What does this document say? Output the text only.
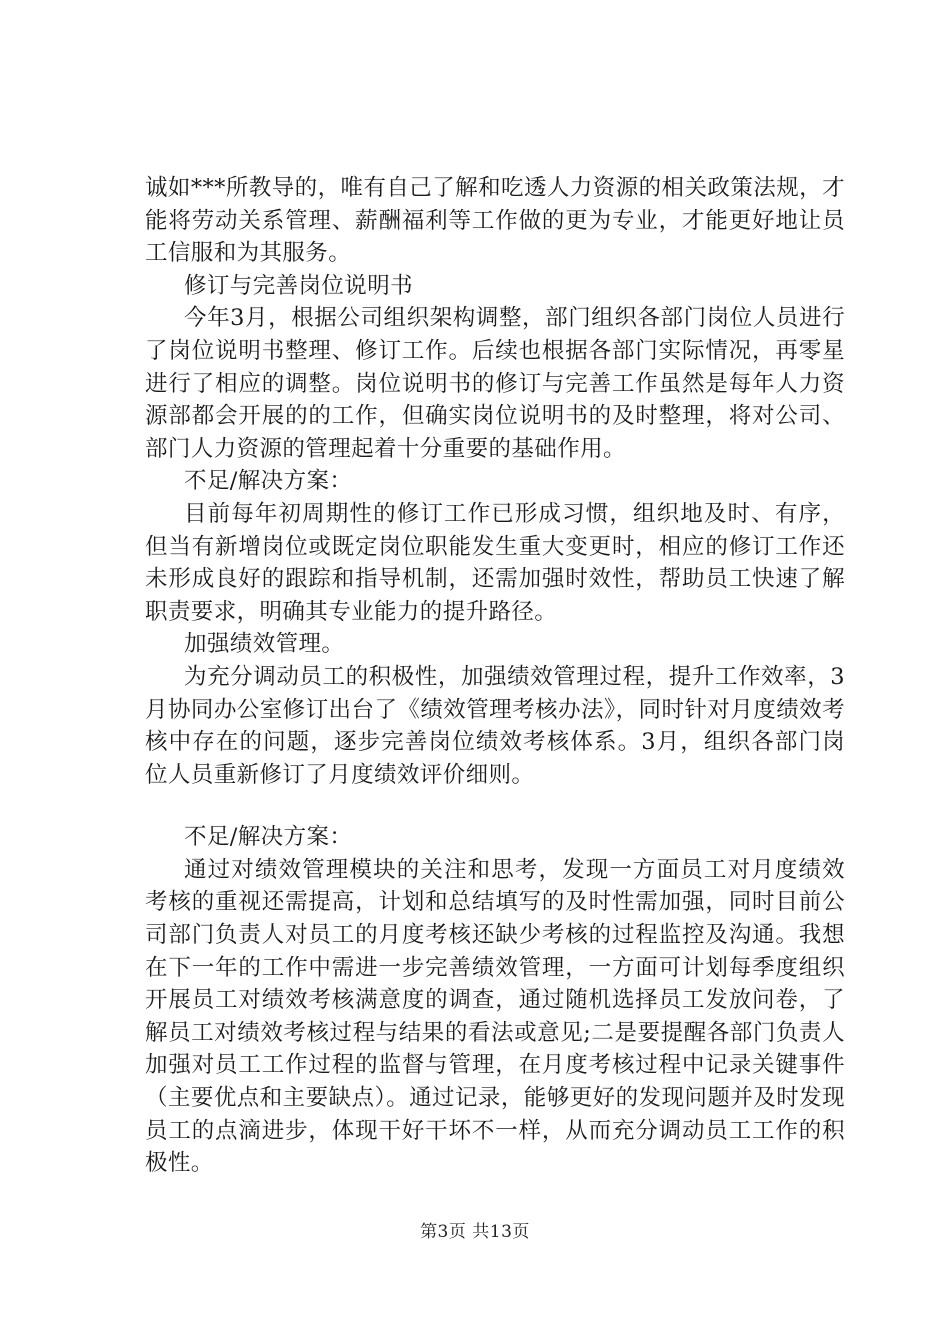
诚如***所教导的，唯有自己了解和吃透人力资源的相关政策法规，才能将劳动关系管理、薪酬福利等工作做的更为专业，才能更好地让员工信服和为其服务。

修订与完善岗位说明书

今年3月，根据公司组织架构调整，部门组织各部门岗位人员进行了岗位说明书整理、修订工作。后续也根据各部门实际情况，再零星进行了相应的调整。岗位说明书的修订与完善工作虽然是每年人力资源部都会开展的的工作，但确实岗位说明书的及时整理，将对公司、部门人力资源的管理起着十分重要的基础作用。

不足/解决方案：

目前每年初周期性的修订工作已形成习惯，组织地及时、有序，但当有新增岗位或既定岗位职能发生重大变更时，相应的修订工作还未形成良好的跟踪和指导机制，还需加强时效性，帮助员工快速了解职责要求，明确其专业能力的提升路径。

加强绩效管理。

为充分调动员工的积极性，加强绩效管理过程，提升工作效率，3月协同办公室修订出台了《绩效管理考核办法》，同时针对月度绩效考核中存在的问题，逐步完善岗位绩效考核体系。3月，组织各部门岗位人员重新修订了月度绩效评价细则。

不足/解决方案：

通过对绩效管理模块的关注和思考，发现一方面员工对月度绩效考核的重视还需提高，计划和总结填写的及时性需加强，同时目前公司部门负责人对员工的月度考核还缺少考核的过程监控及沟通。我想在下一年的工作中需进一步完善绩效管理，一方面可计划每季度组织开展员工对绩效考核满意度的调查，通过随机选择员工发放问卷，了解员工对绩效考核过程与结果的看法或意见;二是要提醒各部门负责人加强对员工工作过程的监督与管理，在月度考核过程中记录关键事件（主要优点和主要缺点）。通过记录，能够更好的发现问题并及时发现员工的点滴进步，体现干好干坏不一样，从而充分调动员工工作的积极性。

第3页 共13页
